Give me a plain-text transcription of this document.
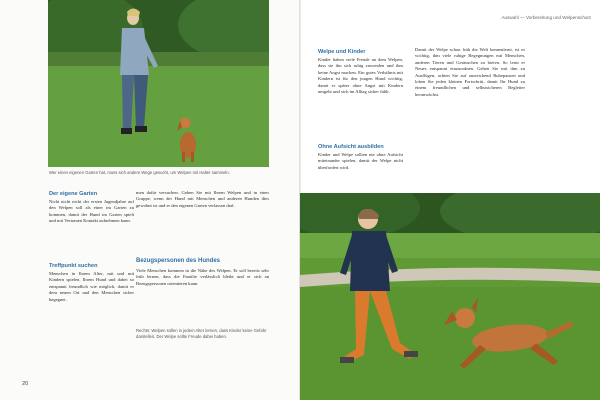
Wer einen eigenen Garten hat, muss sich andere Wege gesucht, um Welpen mit Halter sammeln.
Der eigene Garten

Nicht nicht nicht der ersten Jugendjahre auf den Welpen soll als einer im Garten zu kommen, damit der Hund im Garten spielt und mit Vertrauen Kontakt aufnehmen kann.

Treffpunkt suchen

Menschen in Ihrem Alter, mit und mit Kindern spielen, Ihrem Hund und dabei so entspannt freundlich wie möglich, damit er dem neuen Ort und den Menschen sicher begegnet.

men dafür versuchen. Gehen Sie mit Ihrem Welpen und in einer Gruppe, wenn der Hund mit Menschen und anderen Hunden dies gewohnt ist und er den eigenen Garten verlassen darf.

Bezugspersonen des Hundes

Viele Menschen kommen in die Nähe des Welpen. Er soll bereits sehr früh lernen, dass die Familie verlässlich bleibt und er sich an Bezugspersonen orientieren kann.

Rechts: Welpen sollen in jedem Alter lernen, dass Kinder keine Gefahr darstellen. Der Welpe sollte Freude dabei haben.
20
Auswahl — Vorbereitung und Welpenschutz
Welpe und Kinder

Kinder haben viele Freude an dem Welpen, dass sie ihn sich ruhig zuwenden und ihm keine Angst machen. Ein gutes Verhältnis mit Kindern ist für den jungen Hund wichtig, damit er später ohne Angst mit Kindern umgeht und sich im Alltag sicher fühlt.

Ohne Aufsicht ausbilden

Kinder und Welpe sollten nie ohne Aufsicht miteinander spielen, damit der Welpe nicht überfordert wird.

Damit der Welpe schon früh die Welt kennenlernt, ist es wichtig, ihm viele ruhige Begegnungen mit Menschen, anderen Tieren und Geräuschen zu bieten. So lernt er Neues entspannt einzuordnen. Gehen Sie mit ihm zu Ausflügen, achten Sie auf ausreichend Ruhepausen und loben Sie jeden kleinen Fortschritt, damit Ihr Hund zu einem freundlichen und selbstsicheren Begleiter heranwächst.
